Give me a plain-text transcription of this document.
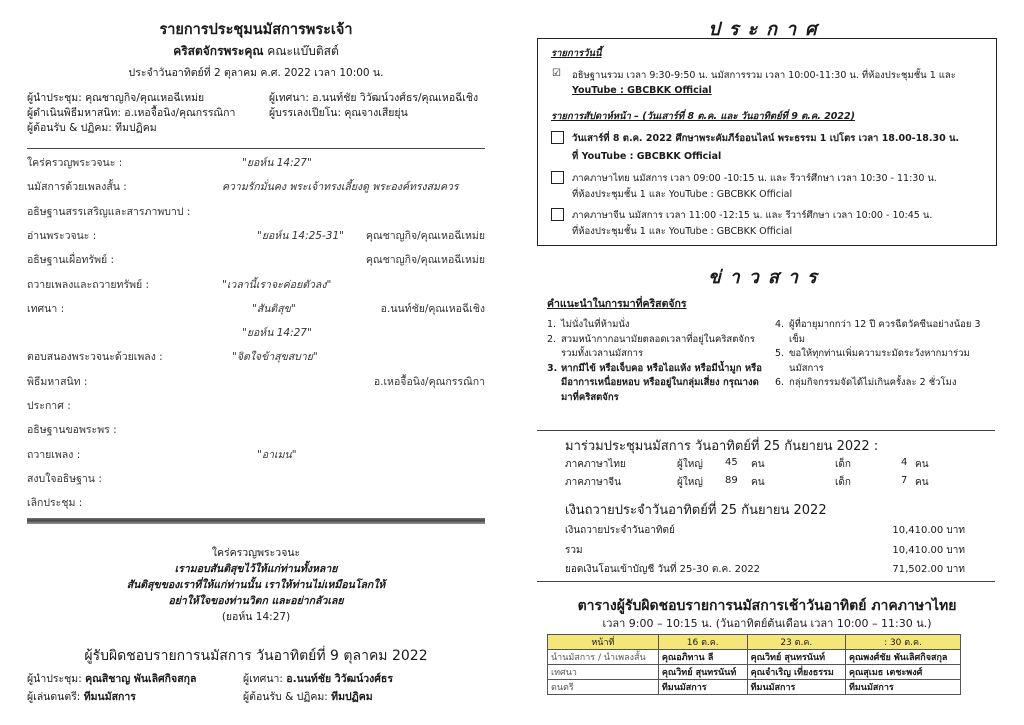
รายการประชุมนมัสการพระเจ้า
คริสตจักรพระคุณ คณะแบ๊บติสต์
ประจำวันอาทิตย์ที่ 2 ตุลาคม ค.ศ. 2022 เวลา 10:00 น.
ผู้นำประชุม: คุณชาญกิจ/คุณเหอฉีเหม่ย	ผู้เทศนา: อ.นนท์ชัย วิวัฒน์วงศ์ธร/คุณเหอฉีเชิง
ผู้ดำเนินพิธีมหาสนิท: อ.เหอจื้อนิง/คุณกรรณิกา	ผู้บรรเลงเปียโน: คุณจางเสียยุ่น
ผู้ต้อนรับ & ปฏิคม: ทีมปฏิคม
ใคร่ครวญพระวจนะ :	"ยอห์น 14:27"
นมัสการด้วยเพลงสั้น :	ความรักมั่นคง พระเจ้าทรงเลี้ยงดู พระองค์ทรงสมควร
อธิษฐานสรรเสริญและสารภาพบาป :
อ่านพระวจนะ :	"ยอห์น 14:25-31" คุณชาญกิจ/คุณเหอฉีเหม่ย
อธิษฐานเผื่อทรัพย์ :	คุณชาญกิจ/คุณเหอฉีเหม่ย
ถวายเพลงและถวายทรัพย์ :	"เวลานี้เราจะค่อยตัวลง"
เทศนา :	"สันติสุข"	อ.นนท์ชัย/คุณเหอฉีเชิง
"ยอห์น 14:27"
ตอบสนองพระวจนะด้วยเพลง :	"จิตใจข้าสุขสบาย"
พิธีมหาสนิท :	อ.เหอจื้อนิง/คุณกรรณิกา
ประกาศ :
อธิษฐานขอพระพร :
ถวายเพลง :	"อาเมน"
สงบใจอธิษฐาน :
เลิกประชุม :
ใคร่ครวญพระวจนะ
เรามอบสันติสุขไว้ให้แก่ท่านทั้งหลาย
สันติสุขของเราที่ให้แก่ท่านนั้น เราให้ท่านไม่เหมือนโลกให้
อย่าให้ใจของท่านวิตก และอย่ากลัวเลย
(ยอห์น 14:27)
ผู้รับผิดชอบรายการนมัสการ วันอาทิตย์ที่ 9 ตุลาคม 2022
ผู้นำประชุม: คุณสิชาญ พันเลิศกิจสกุล	ผู้เทศนา: อ.นนท์ชัย วิวัฒน์วงศ์ธร
ผู้เล่นดนตรี: ทีมนมัสการ	ผู้ต้อนรับ & ปฏิคม: ทีมปฏิคม
ประกาศ
รายการวันนี้
☑ อธิษฐานรวม เวลา 9:30-9:50 น. นมัสการรวม เวลา 10:00-11:30 น. ที่ห้องประชุมชั้น 1 และ
YouTube : GBCBKK Official
รายการสัปดาห์หน้า – (วันเสาร์ที่ 8 ต.ค. และ วันอาทิตย์ที่ 9 ต.ค. 2022)
วันเสาร์ที่ 8 ต.ค. 2022 ศึกษาพระคัมภีร์ออนไลน์ พระธรรม 1 เปโตร เวลา 18.00-18.30 น.
ที่ YouTube : GBCBKK Official
ภาคภาษาไทย นมัสการ เวลา 09:00 -10:15 น. และ รีวาร์ศึกษา เวลา 10:30 - 11:30 น.
ที่ห้องประชุมชั้น 1 และ YouTube : GBCBKK Official
ภาคภาษาจีน นมัสการ เวลา 11:00 -12:15 น. และ รีวาร์ศึกษา เวลา 10:00 - 10:45 น.
ที่ห้องประชุมชั้น 1 และ YouTube : GBCBKK Official
ข่าวสาร
คำแนะนำในการมาที่คริสตจักร
1. ไม่นั่งในที่ห้ามนั่ง
2. สวมหน้ากากอนามัยตลอดเวลาที่อยู่ในคริสตจักร รวมทั้งเวลานมัสการ
3. หากมีไข้ หรือเจ็บคอ หรือไอแห้ง หรือมีน้ำมูก หรือมีอาการเหนื่อยหอบ หรืออยู่ในกลุ่มเสี่ยง กรุณางดมาที่คริสตจักร
4. ผู้ที่อายุมากกว่า 12 ปี ควรฉีดวัคซีนอย่างน้อย 3 เข็ม
5. ขอให้ทุกท่านเพิ่มความระมัดระวังหากมาร่วมนมัสการ
6. กลุ่มกิจกรรมจัดได้ไม่เกินครั้งละ 2 ชั่วโมง
มาร่วมประชุมนมัสการ วันอาทิตย์ที่ 25 กันยายน 2022 :
ภาคภาษาไทย	ผู้ใหญ่ 45 คน	เด็ก	4 คน
ภาคภาษาจีน	ผู้ใหญ่ 89 คน	เด็ก	7 คน
เงินถวายประจำวันอาทิตย์ที่ 25 กันยายน 2022
เงินถวายประจำวันอาทิตย์	10,410.00 บาท
รวม	10,410.00 บาท
ยอดเงินโอนเข้าบัญชี วันที่ 25-30 ต.ค. 2022	71,502.00 บาท
ตารางผู้รับผิดชอบรายการนมัสการเช้าวันอาทิตย์ ภาคภาษาไทย
เวลา 9:00 – 10:15 น. (วันอาทิตย์ต้นเดือน เวลา 10:00 – 11:30 น.)
หน้าที่	16 ต.ค.	23 ต.ค.	: 30 ต.ค.
นำนมัสการ / นำเพลงสั้น	คุณอภิทาน ลี	คุณวิทย์ สุนทรนันท์	คุณพงศ์ชัย พันเลิศกิจสกุล
เทศนา	คุณวิทย์ สุนทรนันท์	คุณจำเริญ เที่ยงธรรม	คุณสุเมธ เตชะพงศ์
ดนตรี	ทีมนมัสการ	ทีมนมัสการ	ทีมนมัสการ
